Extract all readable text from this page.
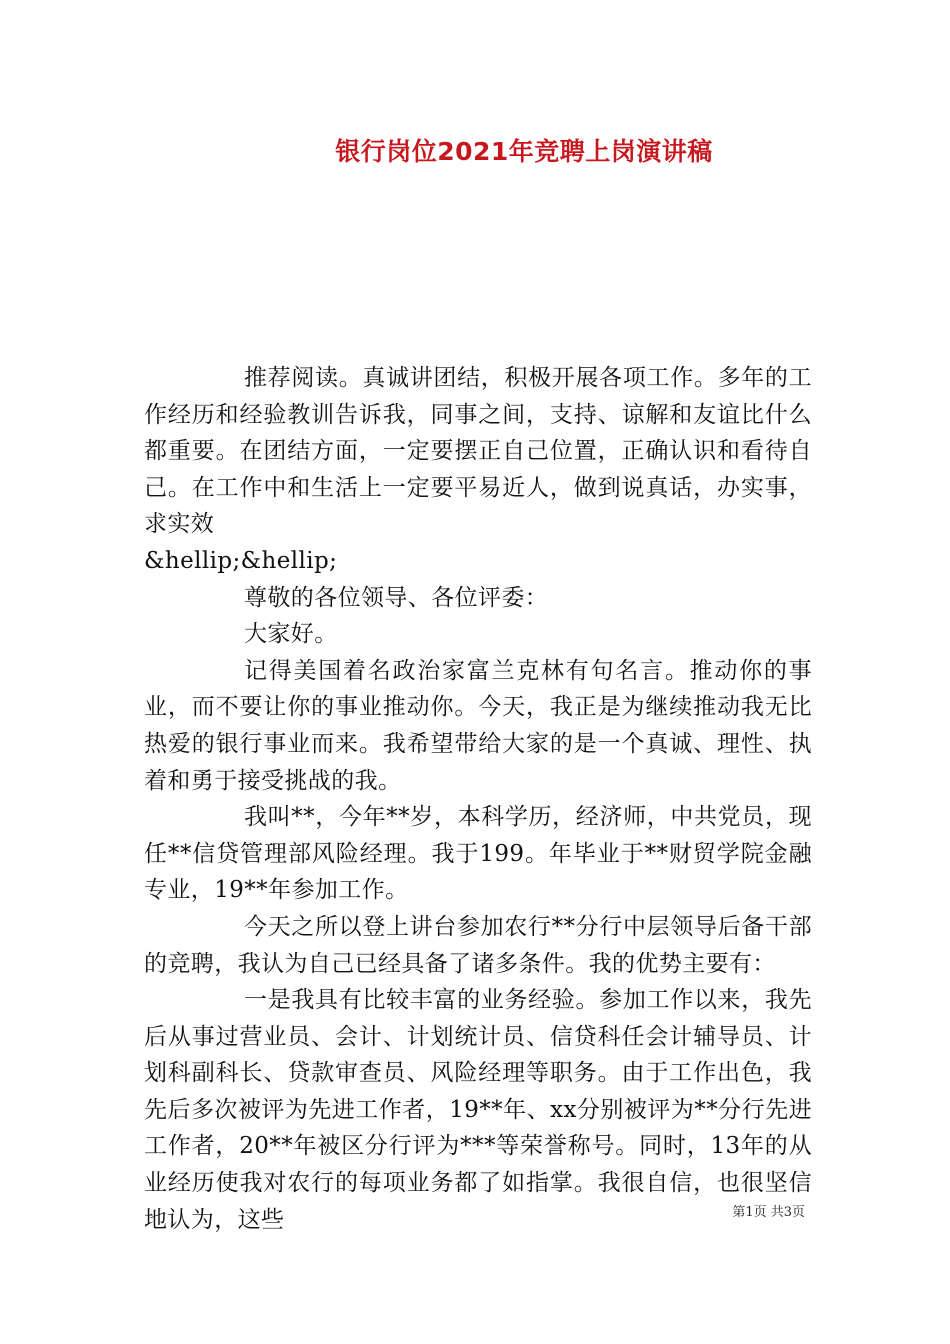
银行岗位2021年竞聘上岗演讲稿

推荐阅读。真诚讲团结，积极开展各项工作。多年的工作经历和经验教训告诉我，同事之间，支持、谅解和友谊比什么都重要。在团结方面，一定要摆正自己位置，正确认识和看待自己。在工作中和生活上一定要平易近人，做到说真话，办实事，求实效

&hellip;&hellip;

尊敬的各位领导、各位评委：

大家好。

记得美国着名政治家富兰克林有句名言。推动你的事业，而不要让你的事业推动你。今天，我正是为继续推动我无比热爱的银行事业而来。我希望带给大家的是一个真诚、理性、执着和勇于接受挑战的我。

我叫**，今年**岁，本科学历，经济师，中共党员，现任**信贷管理部风险经理。我于199。年毕业于**财贸学院金融专业，19**年参加工作。

今天之所以登上讲台参加农行**分行中层领导后备干部的竞聘，我认为自己已经具备了诸多条件。我的优势主要有：

一是我具有比较丰富的业务经验。参加工作以来，我先后从事过营业员、会计、计划统计员、信贷科任会计辅导员、计划科副科长、贷款审查员、风险经理等职务。由于工作出色，我先后多次被评为先进工作者，19**年、xx分别被评为**分行先进工作者，20**年被区分行评为***等荣誉称号。同时，13年的从业经历使我对农行的每项业务都了如指掌。我很自信，也很坚信地认为，这些	第1页 共3页
